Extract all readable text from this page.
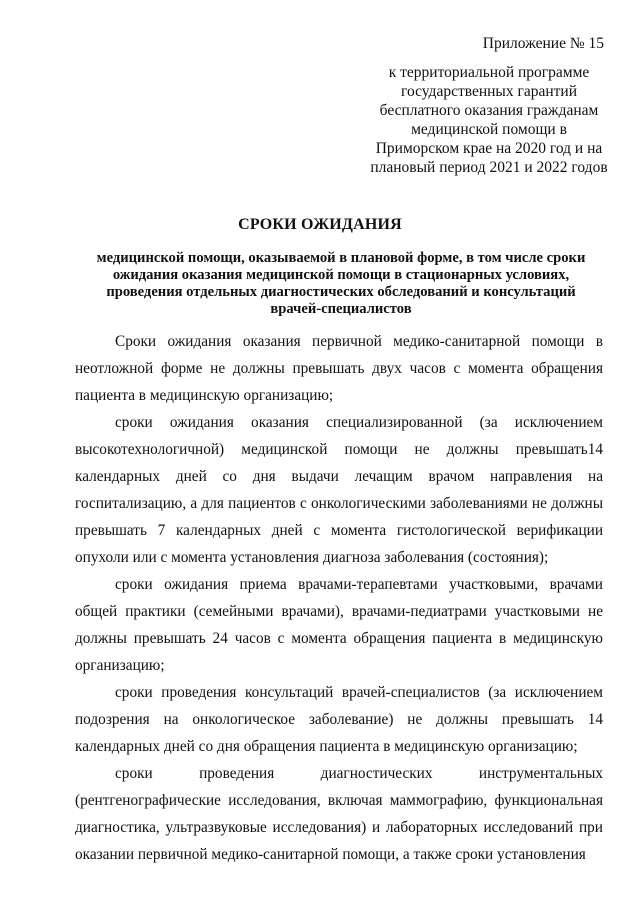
Приложение № 15
к территориальной программе
государственных гарантий
бесплатного оказания гражданам
медицинской помощи в
Приморском крае на 2020 год и на
плановый период 2021 и 2022 годов
СРОКИ ОЖИДАНИЯ
медицинской помощи, оказываемой в плановой форме, в том числе сроки
ожидания оказания медицинской помощи в стационарных условиях,
проведения отдельных диагностических обследований и консультаций
врачей-специалистов

Сроки ожидания оказания первичной медико-санитарной помощи в неотложной форме не должны превышать двух часов с момента обращения пациента в медицинскую организацию;

сроки ожидания оказания специализированной (за исключением высокотехнологичной) медицинской помощи не должны превышать14 календарных дней со дня выдачи лечащим врачом направления на госпитализацию, а для пациентов с онкологическими заболеваниями не должны превышать 7 календарных дней с момента гистологической верификации опухоли или с момента установления диагноза заболевания (состояния);

сроки ожидания приема врачами-терапевтами участковыми, врачами общей практики (семейными врачами), врачами-педиатрами участковыми не должны превышать 24 часов с момента обращения пациента в медицинскую организацию;

сроки проведения консультаций врачей-специалистов (за исключением подозрения на онкологическое заболевание) не должны превышать 14 календарных дней со дня обращения пациента в медицинскую организацию;

сроки проведения диагностических инструментальных (рентгенографические исследования, включая маммографию, функциональная диагностика, ультразвуковые исследования) и лабораторных исследований при оказании первичной медико-санитарной помощи, а также сроки установления
